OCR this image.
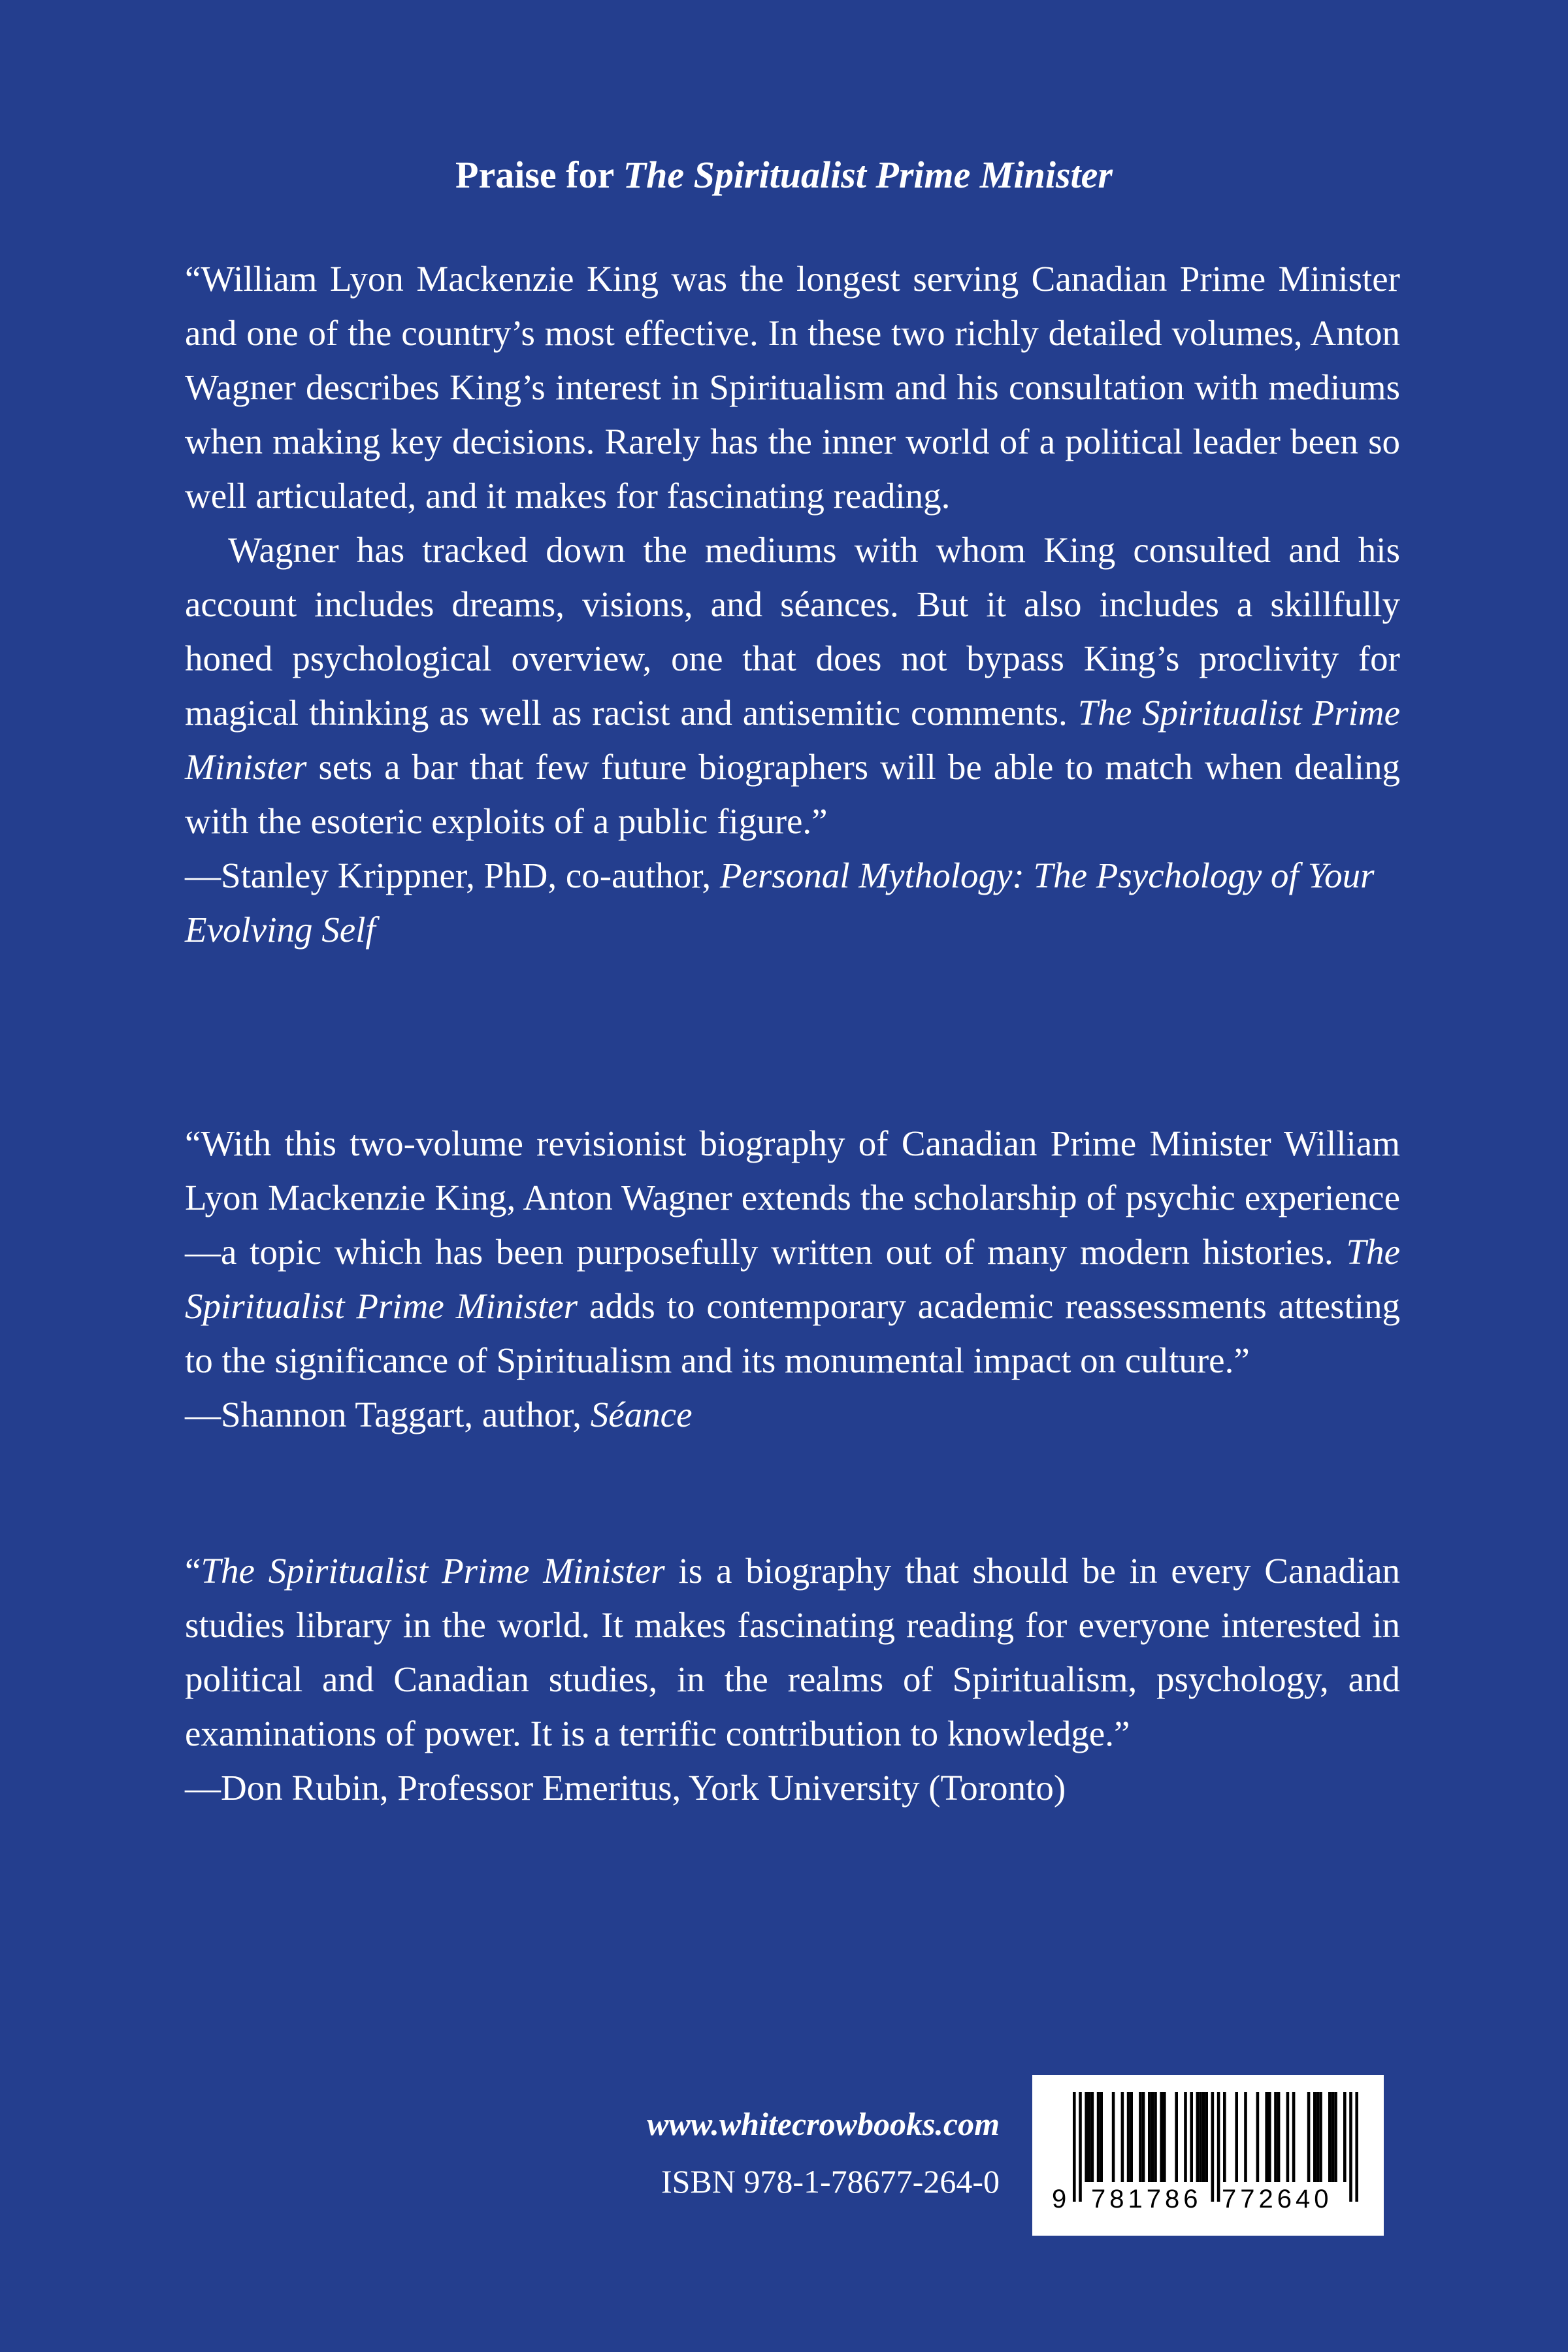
Praise for The Spiritualist Prime Minister

“William Lyon Mackenzie King was the longest serving Canadian Prime Minister and one of the country’s most effective. In these two richly detailed volumes, Anton Wagner describes King’s interest in Spiritualism and his consultation with mediums when making key decisions. Rarely has the inner world of a political leader been so well articulated, and it makes for fascinating reading.

Wagner has tracked down the mediums with whom King consulted and his account includes dreams, visions, and séances. But it also includes a skillfully honed psychological overview, one that does not bypass King’s proclivity for magical thinking as well as racist and antisemitic comments. The Spiritualist Prime Minister sets a bar that few future biographers will be able to match when dealing with the esoteric exploits of a public figure.”

—Stanley Krippner, PhD, co-author, Personal Mythology: The Psychology of Your Evolving Self

“With this two-volume revisionist biography of Canadian Prime Minister William Lyon Mackenzie King, Anton Wagner extends the scholarship of psychic experience—a topic which has been purposefully written out of many modern histories. The Spiritualist Prime Minister adds to contemporary academic reassessments attesting to the significance of Spiritualism and its monumental impact on culture.”

—Shannon Taggart, author, Séance

“The Spiritualist Prime Minister is a biography that should be in every Canadian studies library in the world. It makes fascinating reading for everyone interested in political and Canadian studies, in the realms of Spiritualism, psychology, and examinations of power. It is a terrific contribution to knowledge.”

—Don Rubin, Professor Emeritus, York University (Toronto)
www.whitecrowbooks.com
ISBN 978-1-78677-264-0 9 781786 772640
